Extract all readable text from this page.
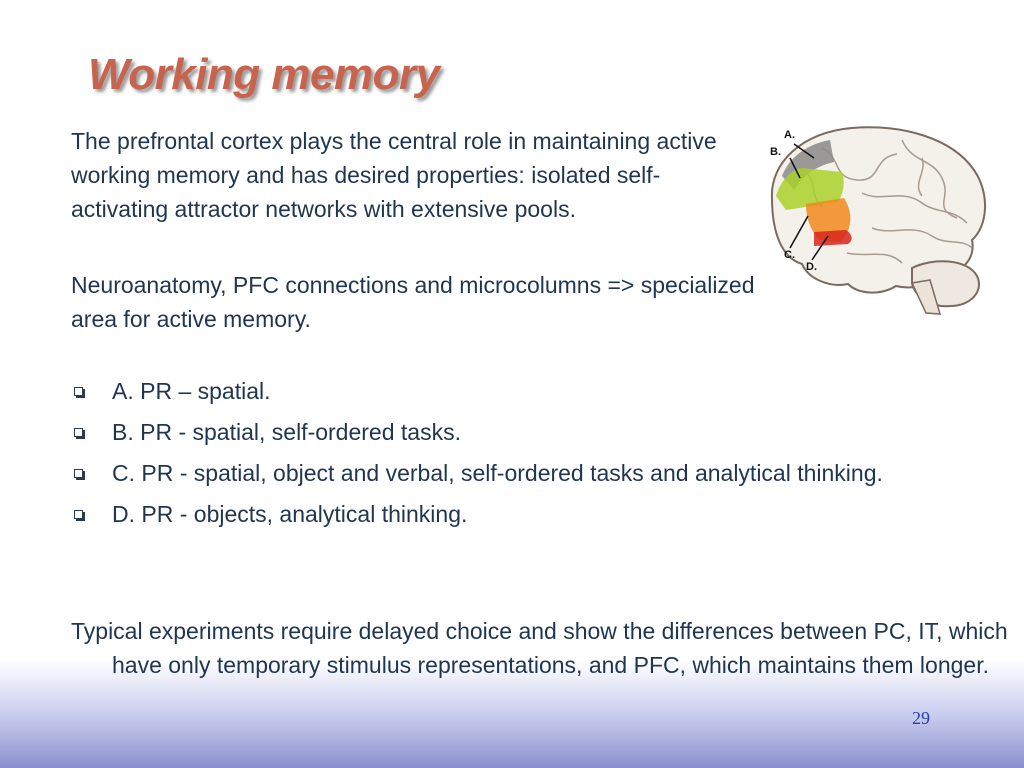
Working memory

The prefrontal cortex plays the central role in maintaining active working memory and has desired properties: isolated self-activating attractor networks with extensive pools.

Neuroanatomy, PFC connections and microcolumns => specialized area for active memory.

A. PR – spatial.
B. PR - spatial, self-ordered tasks.
C. PR - spatial, object and verbal, self-ordered tasks and analytical thinking.
D. PR - objects, analytical thinking.

Typical experiments require delayed choice and show the differences between PC, IT, which have only temporary stimulus representations, and PFC, which maintains them longer.

A.
B.
C.
D.
29
